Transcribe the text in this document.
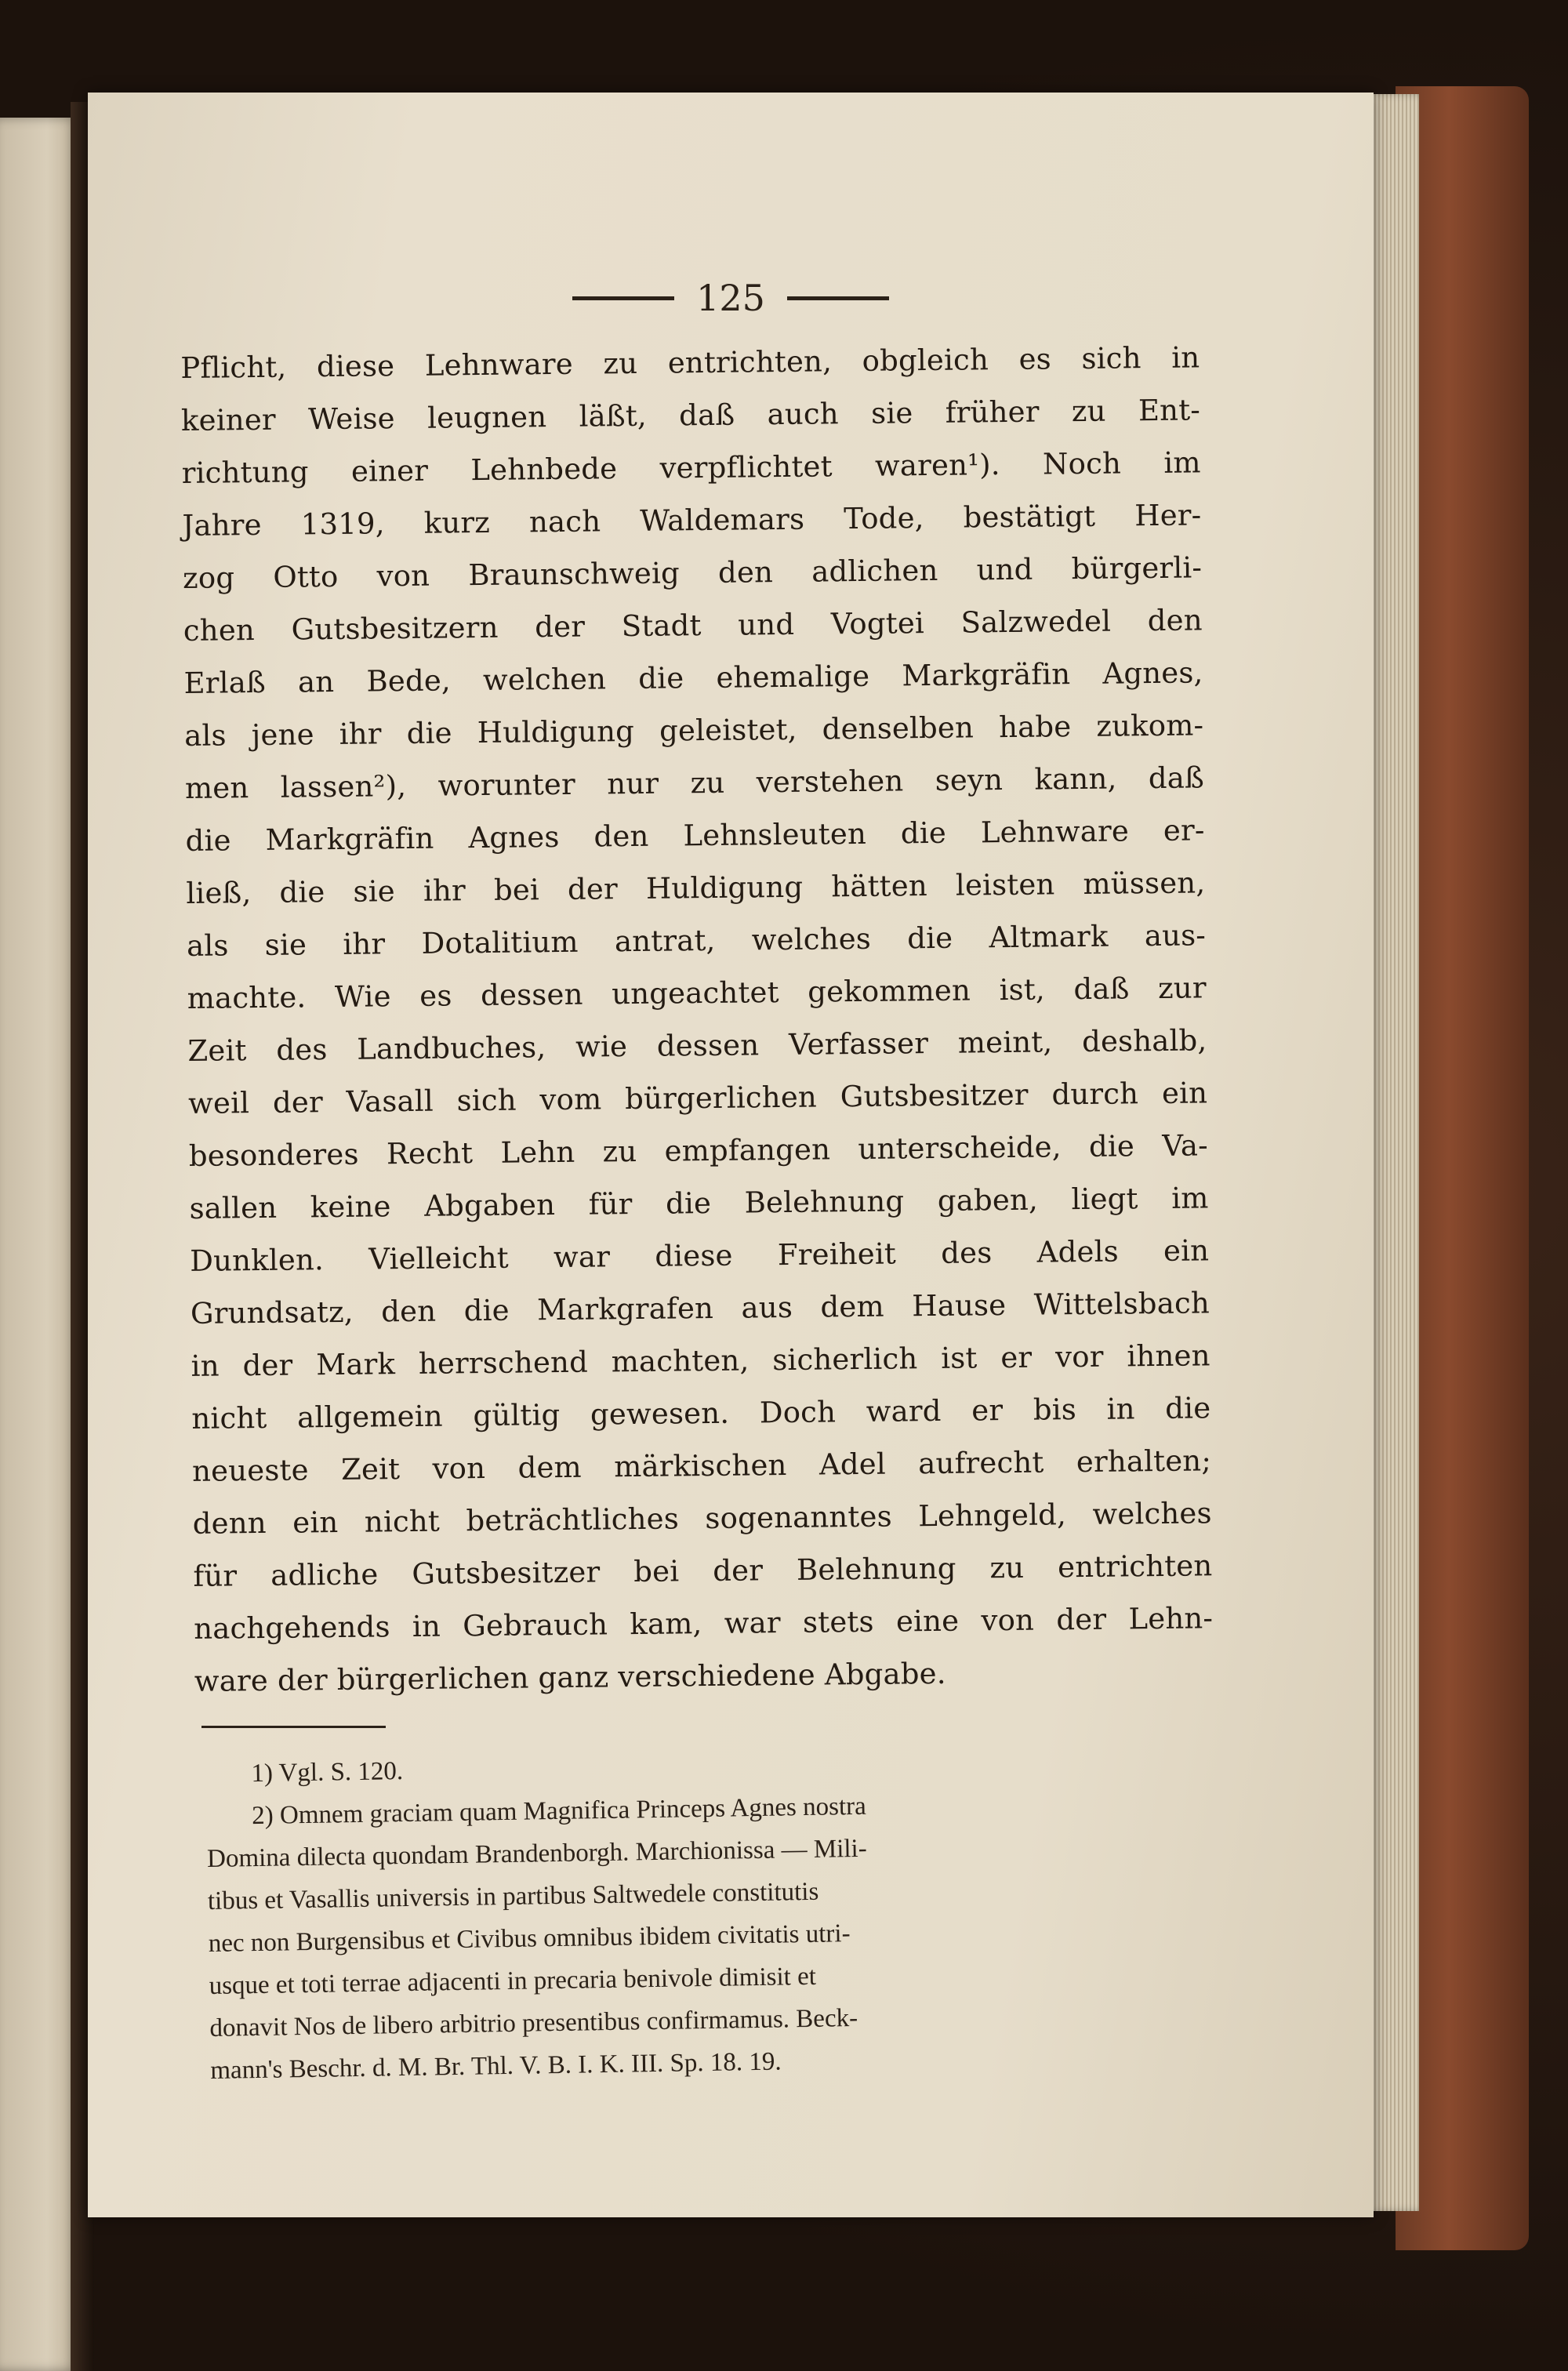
125
Pflicht, diese Lehnware zu entrichten, obgleich es sich in
keiner Weise leugnen läßt, daß auch sie früher zu Ent-
richtung einer Lehnbede verpflichtet waren¹). Noch im
Jahre 1319, kurz nach Waldemars Tode, bestätigt Her-
zog Otto von Braunschweig den adlichen und bürgerli-
chen Gutsbesitzern der Stadt und Vogtei Salzwedel den
Erlaß an Bede, welchen die ehemalige Markgräfin Agnes,
als jene ihr die Huldigung geleistet, denselben habe zukom-
men lassen²), worunter nur zu verstehen seyn kann, daß
die Markgräfin Agnes den Lehnsleuten die Lehnware er-
ließ, die sie ihr bei der Huldigung hätten leisten müssen,
als sie ihr Dotalitium antrat, welches die Altmark aus-
machte. Wie es dessen ungeachtet gekommen ist, daß zur
Zeit des Landbuches, wie dessen Verfasser meint, deshalb,
weil der Vasall sich vom bürgerlichen Gutsbesitzer durch ein
besonderes Recht Lehn zu empfangen unterscheide, die Va-
sallen keine Abgaben für die Belehnung gaben, liegt im
Dunklen. Vielleicht war diese Freiheit des Adels ein
Grundsatz, den die Markgrafen aus dem Hause Wittelsbach
in der Mark herrschend machten, sicherlich ist er vor ihnen
nicht allgemein gültig gewesen. Doch ward er bis in die
neueste Zeit von dem märkischen Adel aufrecht erhalten;
denn ein nicht beträchtliches sogenanntes Lehngeld, welches
für adliche Gutsbesitzer bei der Belehnung zu entrichten
nachgehends in Gebrauch kam, war stets eine von der Lehn-
ware der bürgerlichen ganz verschiedene Abgabe.
1) Vgl. S. 120.
2) Omnem graciam quam Magnifica Princeps Agnes nostra
Domina dilecta quondam Brandenborgh. Marchionissa — Mili-
tibus et Vasallis universis in partibus Saltwedele constitutis
nec non Burgensibus et Civibus omnibus ibidem civitatis utri-
usque et toti terrae adjacenti in precaria benivole dimisit et
donavit Nos de libero arbitrio presentibus confirmamus. Beck-
mann's Beschr. d. M. Br. Thl. V. B. I. K. III. Sp. 18. 19.
